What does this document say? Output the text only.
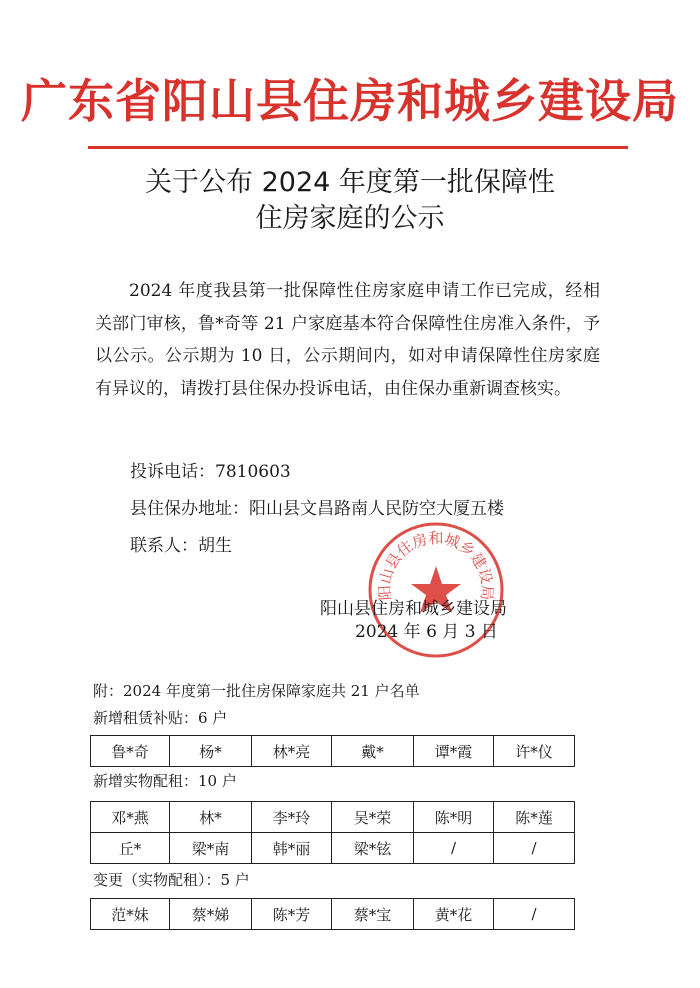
广东省阳山县住房和城乡建设局
关于公布 2024 年度第一批保障性
住房家庭的公示
2024 年度我县第一批保障性住房家庭申请工作已完成，经相关部门审核，鲁*奇等 21 户家庭基本符合保障性住房准入条件，予以公示。公示期为 10 日，公示期间内，如对申请保障性住房家庭有异议的，请拨打县住保办投诉电话，由住保办重新调查核实。
投诉电话：7810603
县住保办地址：阳山县文昌路南人民防空大厦五楼
联系人：胡生
阳山县住房和城乡建设局
阳山县住房和城乡建设局
2024 年 6 月 3 日
附：2024 年度第一批住房保障家庭共 21 户名单
新增租赁补贴：6 户
鲁*奇	杨*	林*亮	戴*	谭*霞	许*仪
新增实物配租：10 户
邓*燕	林*	李*玲	吴*荣	陈*明	陈*莲
丘*	梁*南	韩*丽	梁*铉	/	/
变更（实物配租）：5 户
范*妹	蔡*娣	陈*芳	蔡*宝	黄*花	/
